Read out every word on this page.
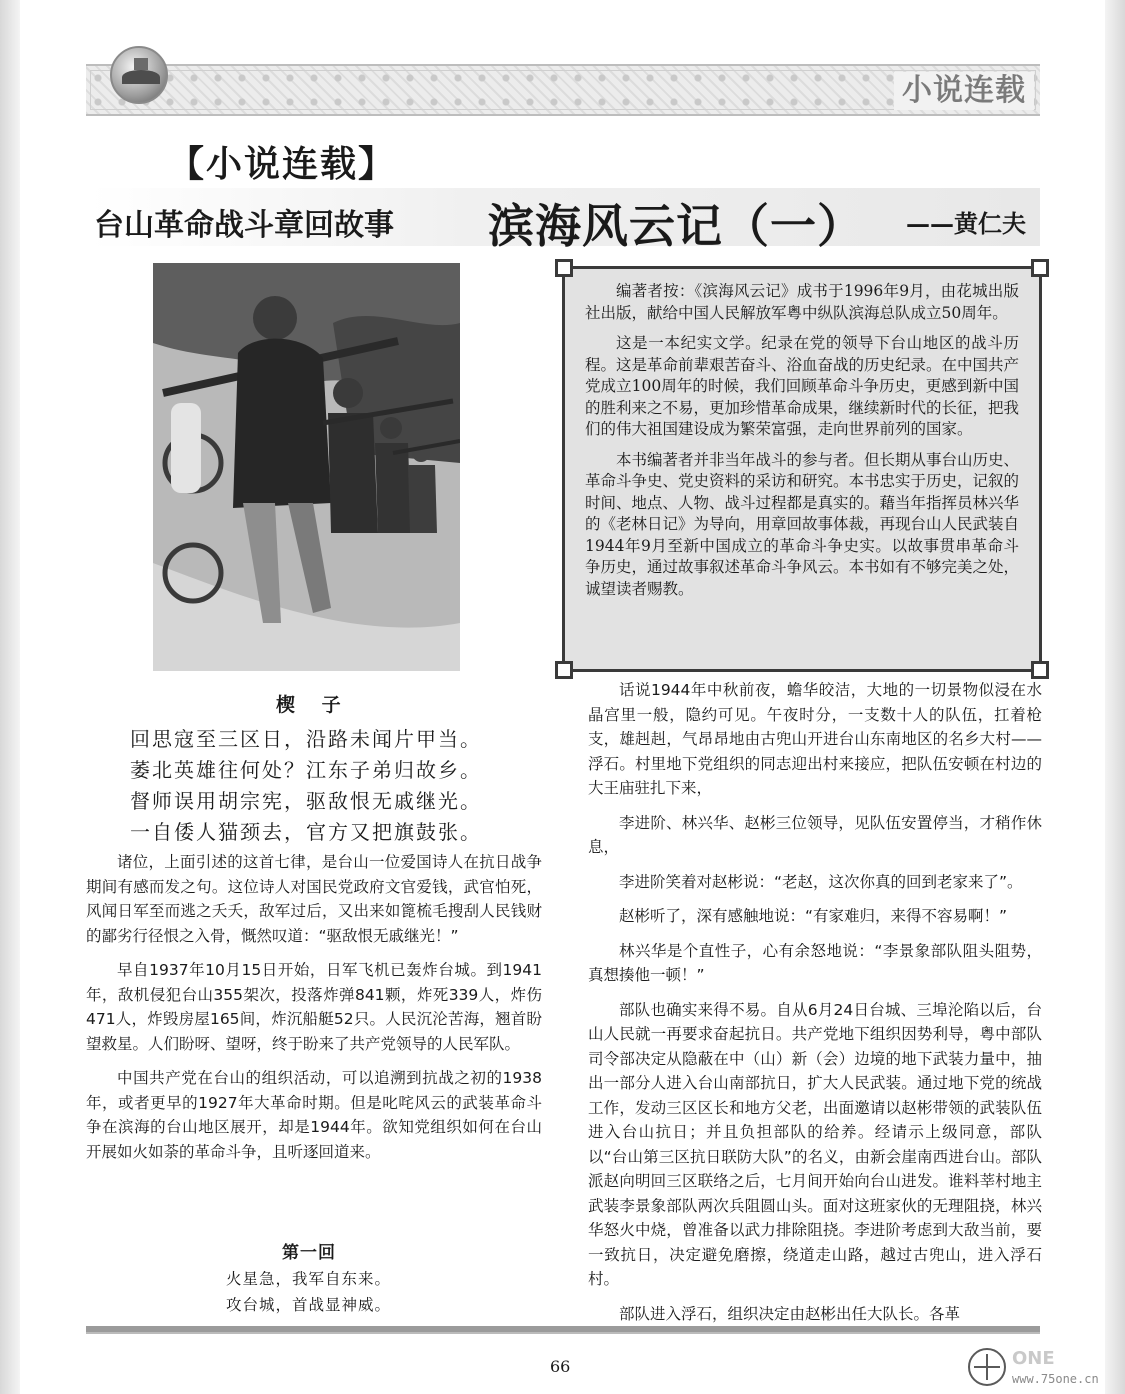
小说连载
【小说连载】
台山革命战斗章回故事 滨海风云记（一） ——黄仁夫

编著者按：《滨海风云记》成书于1996年9月，由花城出版社出版，献给中国人民解放军粤中纵队滨海总队成立50周年。

这是一本纪实文学。纪录在党的领导下台山地区的战斗历程。这是革命前辈艰苦奋斗、浴血奋战的历史纪录。在中国共产党成立100周年的时候，我们回顾革命斗争历史，更感到新中国的胜利来之不易，更加珍惜革命成果，继续新时代的长征，把我们的伟大祖国建设成为繁荣富强，走向世界前列的国家。

本书编著者并非当年战斗的参与者。但长期从事台山历史、革命斗争史、党史资料的采访和研究。本书忠实于历史，记叙的时间、地点、人物、战斗过程都是真实的。藉当年指挥员林兴华的《老林日记》为导向，用章回故事体裁，再现台山人民武装自1944年9月至新中国成立的革命斗争史实。以故事贯串革命斗争历史，通过故事叙述革命斗争风云。本书如有不够完美之处，诚望读者赐教。

楔 子
回思寇至三区日，沿路未闻片甲当。
萎北英雄往何处？江东子弟归故乡。
督师误用胡宗宪，驱敌恨无戚继光。
一自倭人猫颈去，官方又把旗鼓张。

诸位，上面引述的这首七律，是台山一位爱国诗人在抗日战争期间有感而发之句。这位诗人对国民党政府文官爱钱，武官怕死，风闻日军至而逃之夭夭，敌军过后，又出来如篦梳毛搜刮人民钱财的鄙劣行径恨之入骨，慨然叹道：“驱敌恨无戚继光！”

早自1937年10月15日开始，日军飞机已轰炸台城。到1941年，敌机侵犯台山355架次，投落炸弹841颗，炸死339人，炸伤471人，炸毁房屋165间，炸沉船艇52只。人民沉沦苦海，翘首盼望救星。人们盼呀、望呀，终于盼来了共产党领导的人民军队。

中国共产党在台山的组织活动，可以追溯到抗战之初的1938年，或者更早的1927年大革命时期。但是叱咤风云的武装革命斗争在滨海的台山地区展开，却是1944年。欲知党组织如何在台山开展如火如荼的革命斗争，且听逐回道来。

第一回
火星急，我军自东来。
攻台城，首战显神威。

话说1944年中秋前夜，蟾华皎洁，大地的一切景物似浸在水晶宫里一般，隐约可见。午夜时分，一支数十人的队伍，扛着枪支，雄赳赳，气昂昂地由古兜山开进台山东南地区的名乡大村——浮石。村里地下党组织的同志迎出村来接应，把队伍安顿在村边的大王庙驻扎下来，

李进阶、林兴华、赵彬三位领导，见队伍安置停当，才稍作休息，

李进阶笑着对赵彬说：“老赵，这次你真的回到老家来了”。

赵彬听了，深有感触地说：“有家难归，来得不容易啊！”

林兴华是个直性子，心有余怒地说：“李景象部队阻头阻势，真想揍他一顿！”

部队也确实来得不易。自从6月24日台城、三埠沦陷以后，台山人民就一再要求奋起抗日。共产党地下组织因势利导，粤中部队司令部决定从隐蔽在中（山）新（会）边境的地下武装力量中，抽出一部分人进入台山南部抗日，扩大人民武装。通过地下党的统战工作，发动三区区长和地方父老，出面邀请以赵彬带领的武装队伍进入台山抗日；并且负担部队的给养。经请示上级同意，部队以“台山第三区抗日联防大队”的名义，由新会崖南西进台山。部队派赵向明回三区联络之后，七月间开始向台山进发。谁料莘村地主武装李景象部队两次兵阻圆山头。面对这班家伙的无理阻挠，林兴华怒火中烧，曾准备以武力排除阻挠。李进阶考虑到大敌当前，要一致抗日，决定避免磨擦，绕道走山路，越过古兜山，进入浮石村。

部队进入浮石，组织决定由赵彬出任大队长。各革

66	ONE
www.75one.cn
